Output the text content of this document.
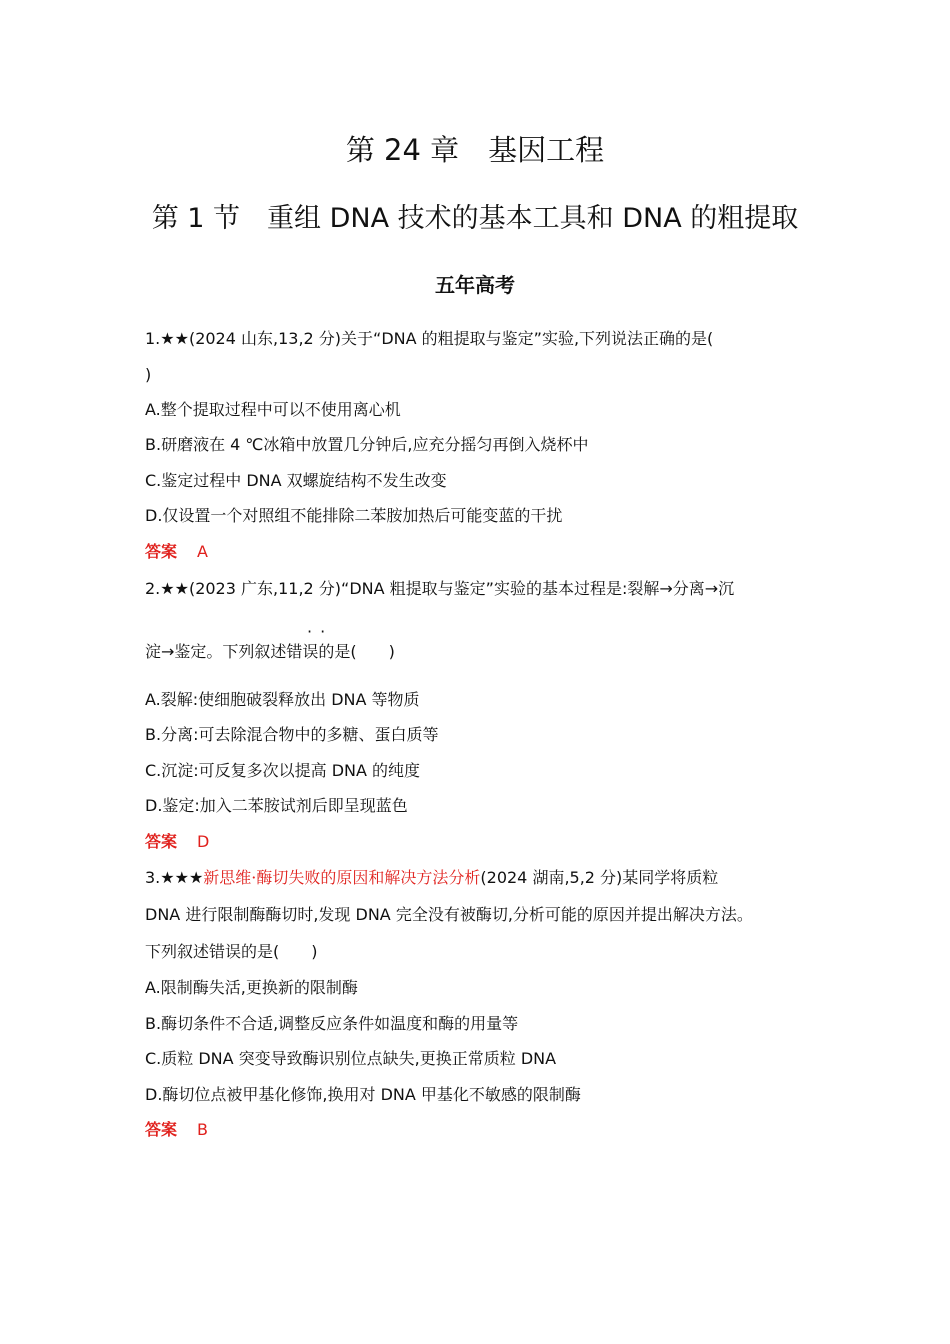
第 24 章　基因工程
第 1 节　重组 DNA 技术的基本工具和 DNA 的粗提取
五年高考
1.★★(2024 山东,13,2 分)关于“DNA 的粗提取与鉴定”实验,下列说法正确的是(
)
A.整个提取过程中可以不使用离心机
B.研磨液在 4 ℃冰箱中放置几分钟后,应充分摇匀再倒入烧杯中
C.鉴定过程中 DNA 双螺旋结构不发生改变
D.仅设置一个对照组不能排除二苯胺加热后可能变蓝的干扰
答案 A
2.★★(2023 广东,11,2 分)“DNA 粗提取与鉴定”实验的基本过程是:裂解→分离→沉
··
淀→鉴定。下列叙述错误的是(　　)
A.裂解:使细胞破裂释放出 DNA 等物质
B.分离:可去除混合物中的多糖、蛋白质等
C.沉淀:可反复多次以提高 DNA 的纯度
D.鉴定:加入二苯胺试剂后即呈现蓝色
答案 D
3.★★★新思维·酶切失败的原因和解决方法分析(2024 湖南,5,2 分)某同学将质粒
DNA 进行限制酶酶切时,发现 DNA 完全没有被酶切,分析可能的原因并提出解决方法。
下列叙述错误的是(　　)
A.限制酶失活,更换新的限制酶
B.酶切条件不合适,调整反应条件如温度和酶的用量等
C.质粒 DNA 突变导致酶识别位点缺失,更换正常质粒 DNA
D.酶切位点被甲基化修饰,换用对 DNA 甲基化不敏感的限制酶
答案 B
